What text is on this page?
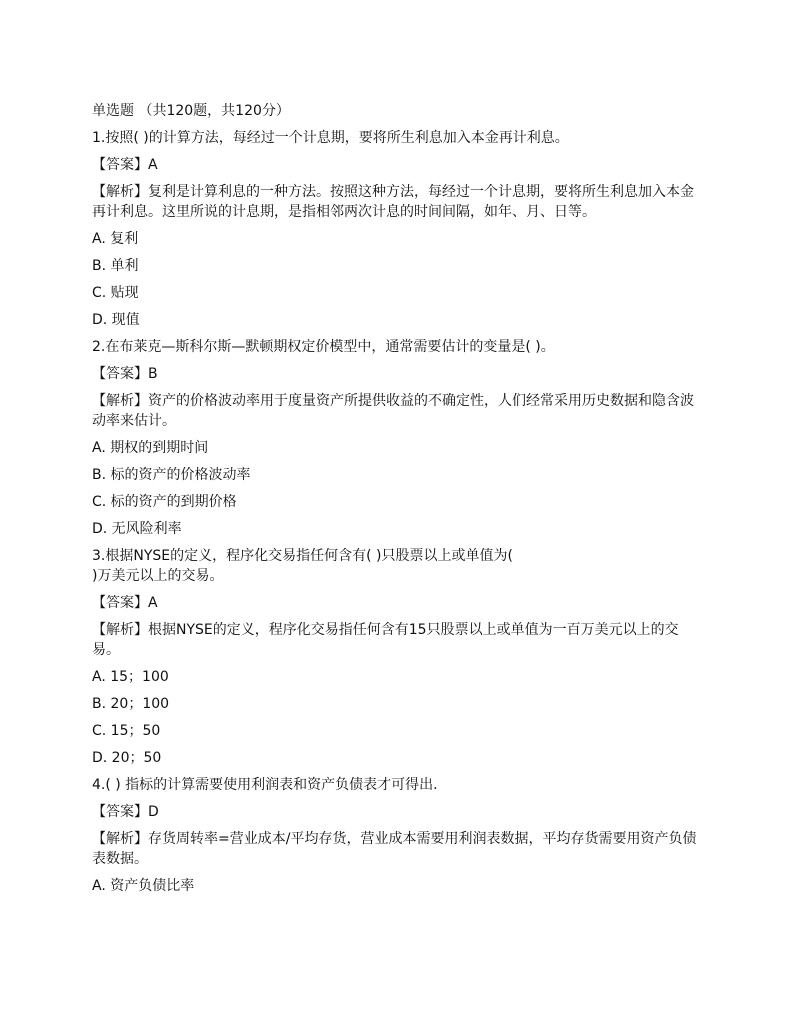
单选题 （共120题，共120分）

1.按照( )的计算方法，每经过一个计息期，要将所生利息加入本金再计利息。

【答案】A

【解析】复利是计算利息的一种方法。按照这种方法，每经过一个计息期，要将所生利息加入本金再计利息。这里所说的计息期，是指相邻两次计息的时间间隔，如年、月、日等。

A. 复利

B. 单利

C. 贴现

D. 现值

2.在布莱克—斯科尔斯—默顿期权定价模型中，通常需要估计的变量是( )。

【答案】B

【解析】资产的价格波动率用于度量资产所提供收益的不确定性，人们经常采用历史数据和隐含波动率来估计。

A. 期权的到期时间

B. 标的资产的价格波动率

C. 标的资产的到期价格

D. 无风险利率

3.根据NYSE的定义，程序化交易指任何含有( )只股票以上或单值为(
)万美元以上的交易。

【答案】A

【解析】根据NYSE的定义，程序化交易指任何含有15只股票以上或单值为一百万美元以上的交易。

A. 15；100

B. 20；100

C. 15；50

D. 20；50

4.( ) 指标的计算需要使用利润表和资产负债表才可得出.

【答案】D

【解析】存货周转率=营业成本/平均存货，营业成本需要用利润表数据，平均存货需要用资产负债表数据。

A. 资产负债比率
